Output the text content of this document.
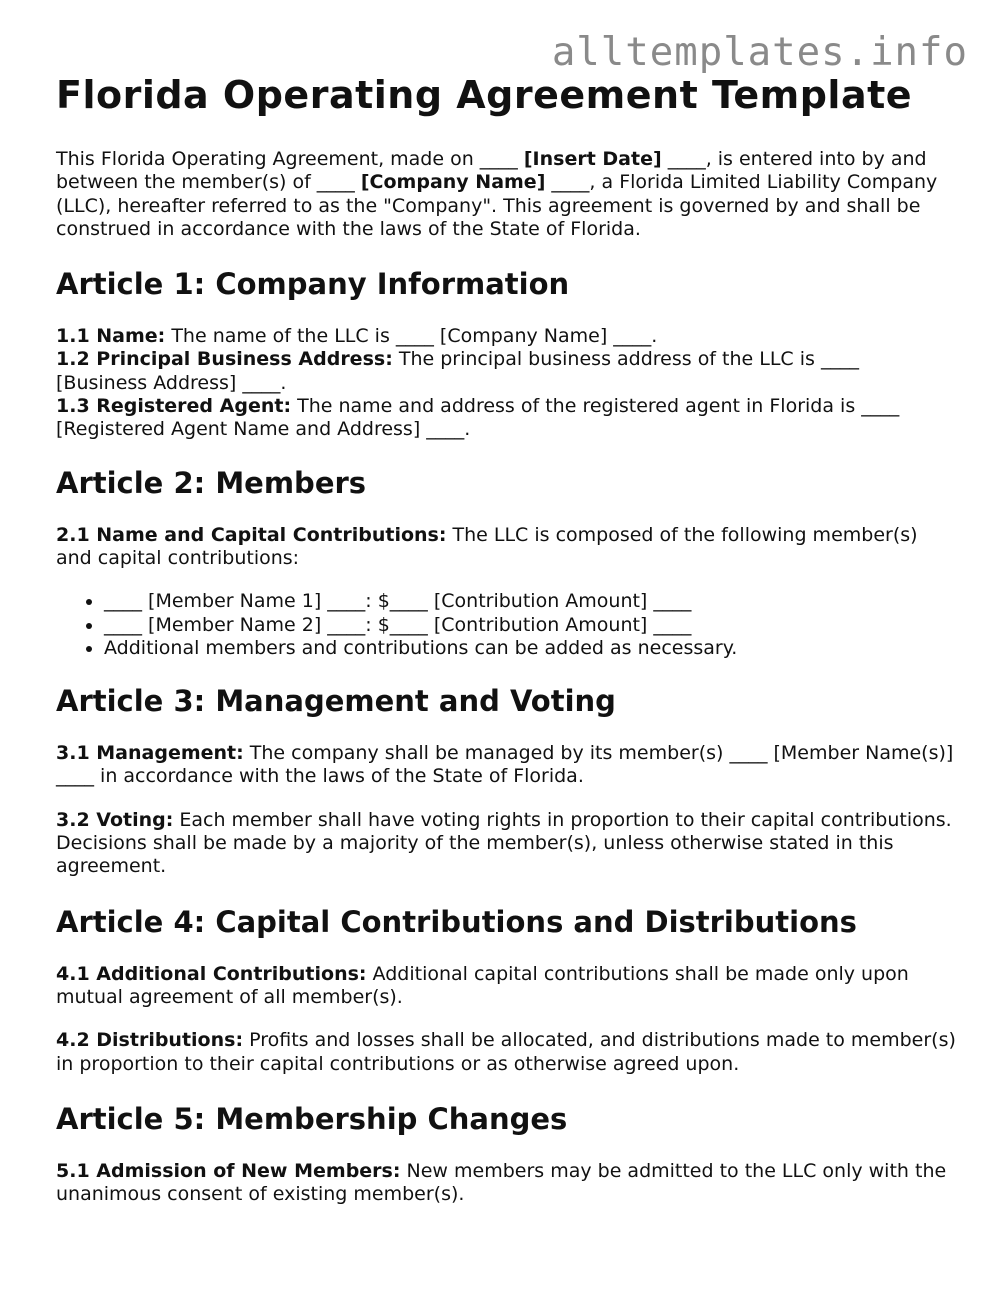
alltemplates.info
Florida Operating Agreement Template

This Florida Operating Agreement, made on ____ [Insert Date] ____, is entered into by and between the member(s) of ____ [Company Name] ____, a Florida Limited Liability Company (LLC), hereafter referred to as the "Company". This agreement is governed by and shall be construed in accordance with the laws of the State of Florida.

Article 1: Company Information

1.1 Name: The name of the LLC is ____ [Company Name] ____.

1.2 Principal Business Address: The principal business address of the LLC is ____ [Business Address] ____.

1.3 Registered Agent: The name and address of the registered agent in Florida is ____ [Registered Agent Name and Address] ____.

Article 2: Members

2.1 Name and Capital Contributions: The LLC is composed of the following member(s) and capital contributions:

• ____ [Member Name 1] ____: $____ [Contribution Amount] ____
• ____ [Member Name 2] ____: $____ [Contribution Amount] ____
• Additional members and contributions can be added as necessary.
Article 3: Management and Voting

3.1 Management: The company shall be managed by its member(s) ____ [Member Name(s)] ____ in accordance with the laws of the State of Florida.

3.2 Voting: Each member shall have voting rights in proportion to their capital contributions. Decisions shall be made by a majority of the member(s), unless otherwise stated in this agreement.

Article 4: Capital Contributions and Distributions

4.1 Additional Contributions: Additional capital contributions shall be made only upon mutual agreement of all member(s).

4.2 Distributions: Profits and losses shall be allocated, and distributions made to member(s) in proportion to their capital contributions or as otherwise agreed upon.

Article 5: Membership Changes

5.1 Admission of New Members: New members may be admitted to the LLC only with the unanimous consent of existing member(s).
